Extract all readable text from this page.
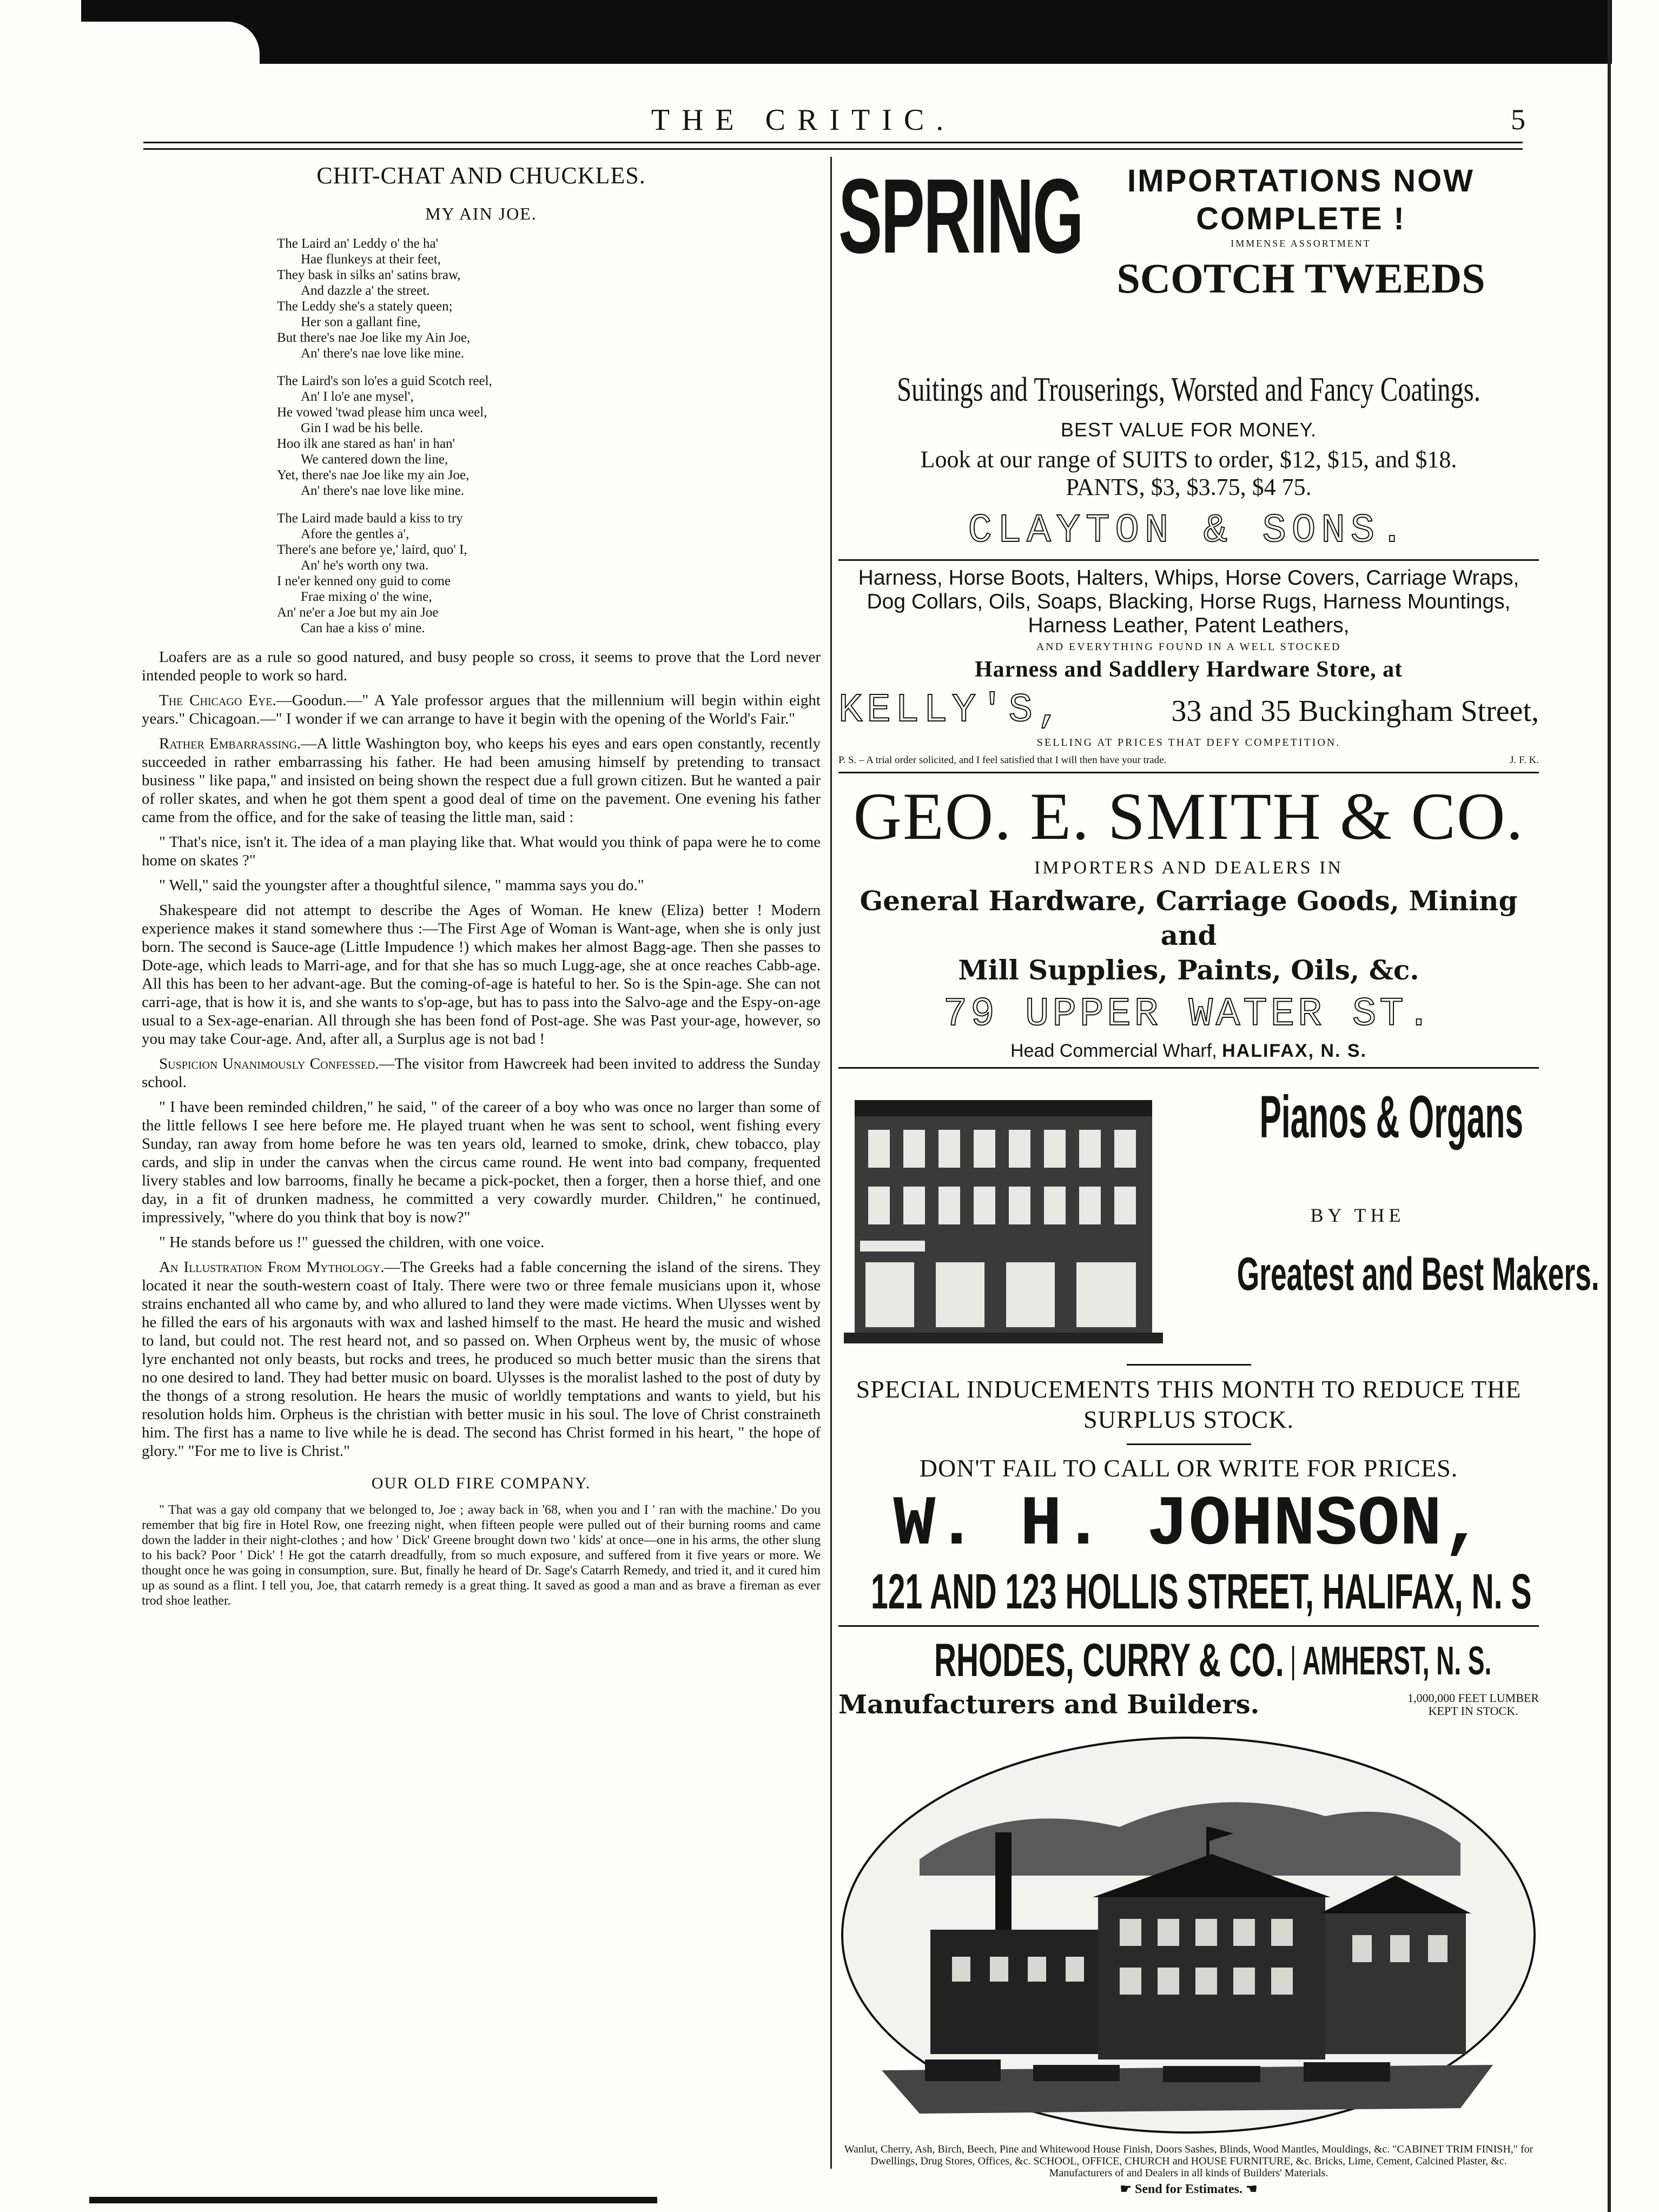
THE CRITIC.	5
CHIT-CHAT AND CHUCKLES.
MY AIN JOE.
The Laird an' Leddy o' the ha'
Hae flunkeys at their feet,
They bask in silks an' satins braw,
And dazzle a' the street.
The Leddy she's a stately queen;
Her son a gallant fine,
But there's nae Joe like my Ain Joe,
An' there's nae love like mine.
The Laird's son lo'es a guid Scotch reel,
An' I lo'e ane mysel',
He vowed 'twad please him unca weel,
Gin I wad be his belle.
Hoo ilk ane stared as han' in han'
We cantered down the line,
Yet, there's nae Joe like my ain Joe,
An' there's nae love like mine.
The Laird made bauld a kiss to try
Afore the gentles a',
There's ane before ye,' laird, quo' I,
An' he's worth ony twa.
I ne'er kenned ony guid to come
Frae mixing o' the wine,
An' ne'er a Joe but my ain Joe
Can hae a kiss o' mine.

Loafers are as a rule so good natured, and busy people so cross, it seems to prove that the Lord never intended people to work so hard.

The Chicago Eye.—Goodun.—" A Yale professor argues that the millennium will begin within eight years." Chicagoan.—" I wonder if we can arrange to have it begin with the opening of the World's Fair."

Rather Embarrassing.—A little Washington boy, who keeps his eyes and ears open constantly, recently succeeded in rather embarrassing his father. He had been amusing himself by pretending to transact business " like papa," and insisted on being shown the respect due a full grown citizen. But he wanted a pair of roller skates, and when he got them spent a good deal of time on the pavement. One evening his father came from the office, and for the sake of teasing the little man, said :

" That's nice, isn't it. The idea of a man playing like that. What would you think of papa were he to come home on skates ?"

" Well," said the youngster after a thoughtful silence, " mamma says you do."

Shakespeare did not attempt to describe the Ages of Woman. He knew (Eliza) better ! Modern experience makes it stand somewhere thus :—The First Age of Woman is Want-age, when she is only just born. The second is Sauce-age (Little Impudence !) which makes her almost Bagg-age. Then she passes to Dote-age, which leads to Marri-age, and for that she has so much Lugg-age, she at once reaches Cabb-age. All this has been to her advant-age. But the coming-of-age is hateful to her. So is the Spin-age. She can not carri-age, that is how it is, and she wants to s'op-age, but has to pass into the Salvo-age and the Espy-on-age usual to a Sex-age-enarian. All through she has been fond of Post-age. She was Past your-age, however, so you may take Cour-age. And, after all, a Surplus age is not bad !

Suspicion Unanimously Confessed.—The visitor from Hawcreek had been invited to address the Sunday school.

" I have been reminded children," he said, " of the career of a boy who was once no larger than some of the little fellows I see here before me. He played truant when he was sent to school, went fishing every Sunday, ran away from home before he was ten years old, learned to smoke, drink, chew tobacco, play cards, and slip in under the canvas when the circus came round. He went into bad company, frequented livery stables and low barrooms, finally he became a pick-pocket, then a forger, then a horse thief, and one day, in a fit of drunken madness, he committed a very cowardly murder. Children," he continued, impressively, "where do you think that boy is now?"

" He stands before us !" guessed the children, with one voice.

An Illustration From Mythology.—The Greeks had a fable concerning the island of the sirens. They located it near the south-western coast of Italy. There were two or three female musicians upon it, whose strains enchanted all who came by, and who allured to land they were made victims. When Ulysses went by he filled the ears of his argonauts with wax and lashed himself to the mast. He heard the music and wished to land, but could not. The rest heard not, and so passed on. When Orpheus went by, the music of whose lyre enchanted not only beasts, but rocks and trees, he produced so much better music than the sirens that no one desired to land. They had better music on board. Ulysses is the moralist lashed to the post of duty by the thongs of a strong resolution. He hears the music of worldly temptations and wants to yield, but his resolution holds him. Orpheus is the christian with better music in his soul. The love of Christ constraineth him. The first has a name to live while he is dead. The second has Christ formed in his heart, " the hope of glory." "For me to live is Christ."

OUR OLD FIRE COMPANY.

" That was a gay old company that we belonged to, Joe ; away back in '68, when you and I ' ran with the machine.' Do you remember that big fire in Hotel Row, one freezing night, when fifteen people were pulled out of their burning rooms and came down the ladder in their night-clothes ; and how ' Dick' Greene brought down two ' kids' at once—one in his arms, the other slung to his back? Poor ' Dick' ! He got the catarrh dreadfully, from so much exposure, and suffered from it five years or more. We thought once he was going in consumption, sure. But, finally he heard of Dr. Sage's Catarrh Remedy, and tried it, and it cured him up as sound as a flint. I tell you, Joe, that catarrh remedy is a great thing. It saved as good a man and as brave a fireman as ever trod shoe leather.

SPRING	IMPORTATIONS NOW
COMPLETE !
IMMENSE ASSORTMENT
SCOTCH TWEEDS
Suitings and Trouserings, Worsted and Fancy Coatings.
BEST VALUE FOR MONEY.
Look at our range of SUITS to order, $12, $15, and $18.
PANTS, $3, $3.75, $4 75.
CLAYTON & SONS.
Harness, Horse Boots, Halters, Whips, Horse Covers, Carriage Wraps, Dog Collars, Oils, Soaps, Blacking, Horse Rugs, Harness Mountings, Harness Leather, Patent Leathers,
AND EVERYTHING FOUND IN A WELL STOCKED
Harness and Saddlery Hardware Store, at
KELLY'S,	33 and 35 Buckingham Street,
SELLING AT PRICES THAT DEFY COMPETITION.
P. S. – A trial order solicited, and I feel satisfied that I will then have your trade.	J. F. K.
GEO. E. SMITH & CO.
IMPORTERS AND DEALERS IN
General Hardware, Carriage Goods, Mining and
Mill Supplies, Paints, Oils, &c.
79 UPPER WATER ST.
Head Commercial Wharf, HALIFAX, N. S.
Pianos & Organs
BY THE
Greatest and Best Makers.
SPECIAL INDUCEMENTS THIS MONTH TO REDUCE THE SURPLUS STOCK.
DON'T FAIL TO CALL OR WRITE FOR PRICES.
W. H. JOHNSON,
121 AND 123 HOLLIS STREET, HALIFAX, N. S
RHODES, CURRY & CO. | AMHERST, N. S.
Manufacturers and Builders.	1,000,000 FEET LUMBER
KEPT IN STOCK.
Wanlut, Cherry, Ash, Birch, Beech, Pine and Whitewood House Finish, Doors Sashes, Blinds, Wood Mantles, Mouldings, &c. "CABINET TRIM FINISH," for Dwellings, Drug Stores, Offices, &c. SCHOOL, OFFICE, CHURCH and HOUSE FURNITURE, &c. Bricks, Lime, Cement, Calcined Plaster, &c. Manufacturers of and Dealers in all kinds of Builders' Materials.
☛ Send for Estimates. ☚
